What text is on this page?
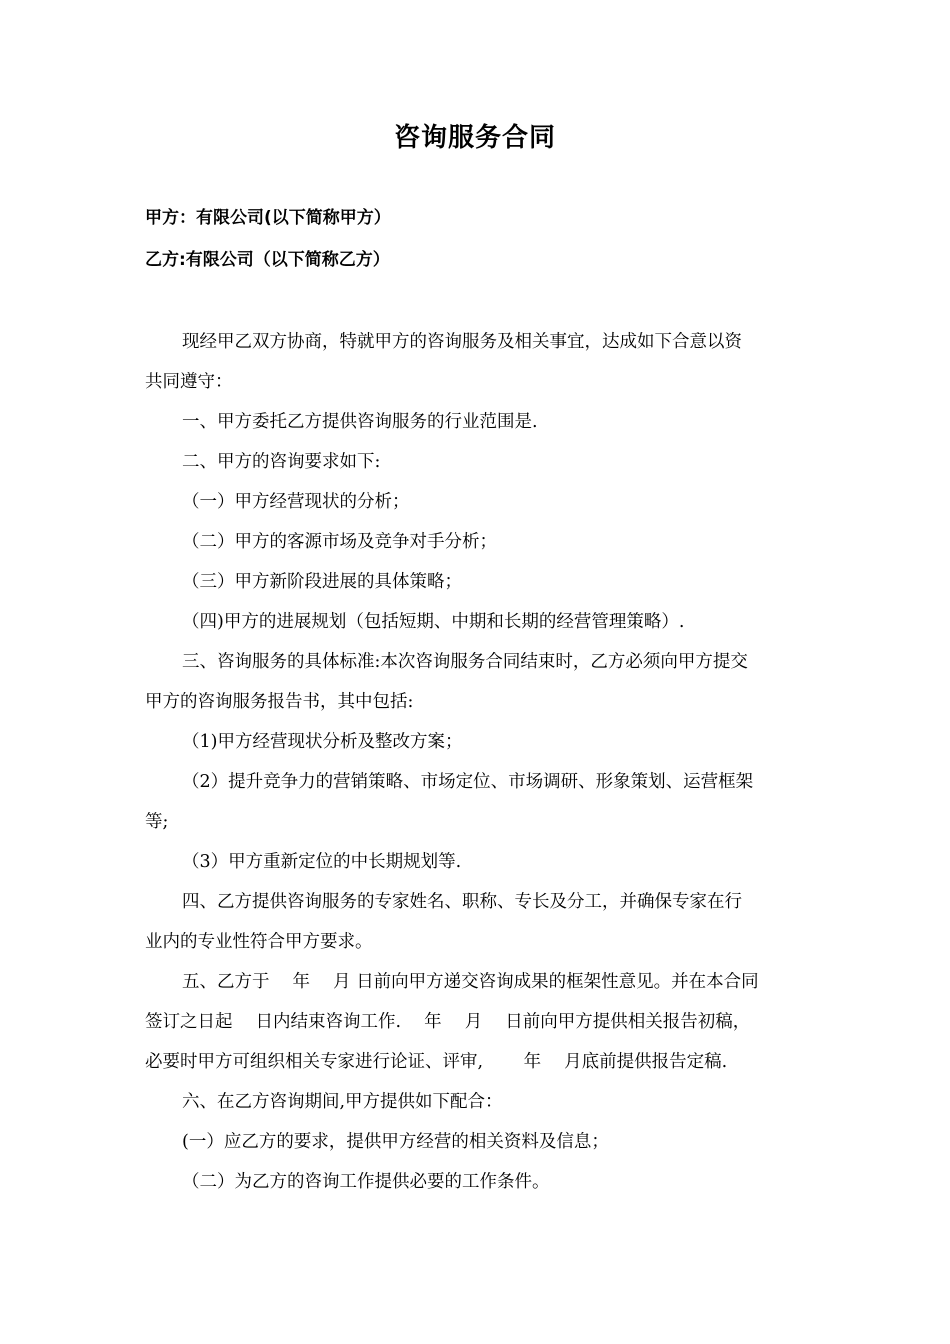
咨询服务合同
甲方：有限公司(以下简称甲方）
乙方:有限公司（以下简称乙方）

现经甲乙双方协商，特就甲方的咨询服务及相关事宜，达成如下合意以资

共同遵守：

一、甲方委托乙方提供咨询服务的行业范围是.

二、甲方的咨询要求如下:

（一）甲方经营现状的分析；

（二）甲方的客源市场及竞争对手分析；

（三）甲方新阶段进展的具体策略；

（四)甲方的进展规划（包括短期、中期和长期的经营管理策略）.

三、咨询服务的具体标准:本次咨询服务合同结束时，乙方必须向甲方提交

甲方的咨询服务报告书，其中包括:

（1)甲方经营现状分析及整改方案；

（2）提升竞争力的营销策略、市场定位、市场调研、形象策划、运营框架

等;

（3）甲方重新定位的中长期规划等.

四、乙方提供咨询服务的专家姓名、职称、专长及分工，并确保专家在行

业内的专业性符合甲方要求。

五、乙方于　 年　 月 日前向甲方递交咨询成果的框架性意见。并在本合同

签订之日起　 日内结束咨询工作.　 年　 月　 日前向甲方提供相关报告初稿，

必要时甲方可组织相关专家进行论证、评审,　　 年　 月底前提供报告定稿.

六、在乙方咨询期间,甲方提供如下配合：

(一）应乙方的要求，提供甲方经营的相关资料及信息；

（二）为乙方的咨询工作提供必要的工作条件。
